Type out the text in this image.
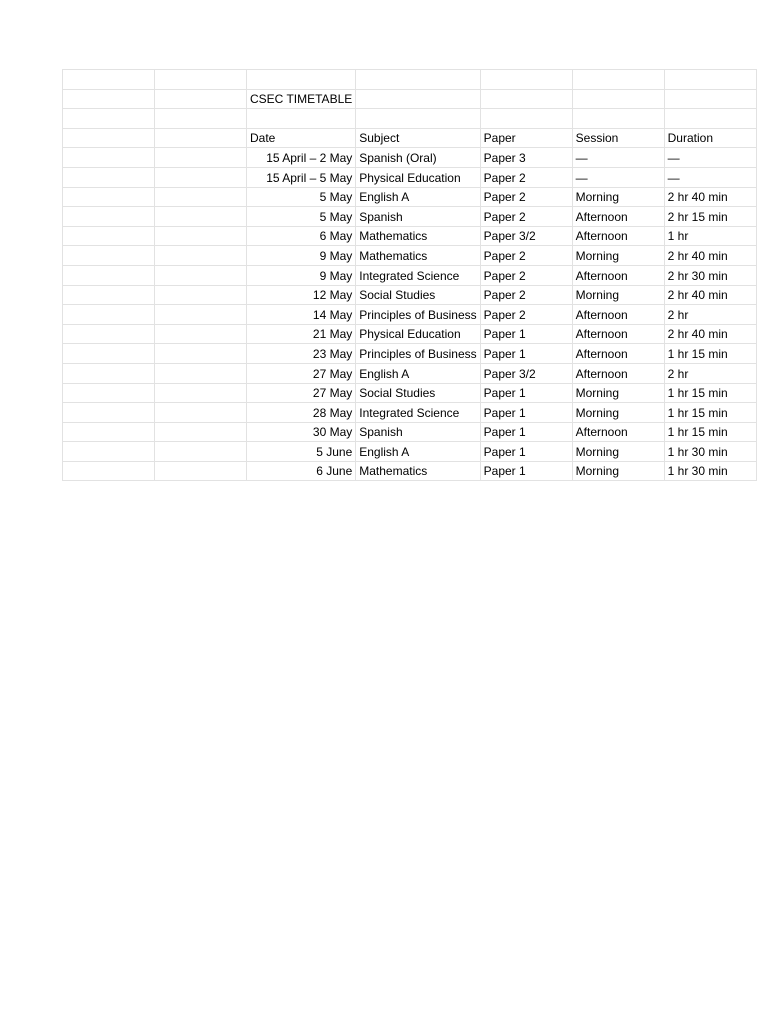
		CSEC TIMETABLE				

		Date	Subject	Paper	Session	Duration
		15 April – 2 May	Spanish (Oral)	Paper 3	—	—
		15 April – 5 May	Physical Education	Paper 2	—	—
		5 May	English A	Paper 2	Morning	2 hr 40 min
		5 May	Spanish	Paper 2	Afternoon	2 hr 15 min
		6 May	Mathematics	Paper 3/2	Afternoon	1 hr
		9 May	Mathematics	Paper 2	Morning	2 hr 40 min
		9 May	Integrated Science	Paper 2	Afternoon	2 hr 30 min
		12 May	Social Studies	Paper 2	Morning	2 hr 40 min
		14 May	Principles of Business	Paper 2	Afternoon	2 hr
		21 May	Physical Education	Paper 1	Afternoon	2 hr 40 min
		23 May	Principles of Business	Paper 1	Afternoon	1 hr 15 min
		27 May	English A	Paper 3/2	Afternoon	2 hr
		27 May	Social Studies	Paper 1	Morning	1 hr 15 min
		28 May	Integrated Science	Paper 1	Morning	1 hr 15 min
		30 May	Spanish	Paper 1	Afternoon	1 hr 15 min
		5 June	English A	Paper 1	Morning	1 hr 30 min
		6 June	Mathematics	Paper 1	Morning	1 hr 30 min
